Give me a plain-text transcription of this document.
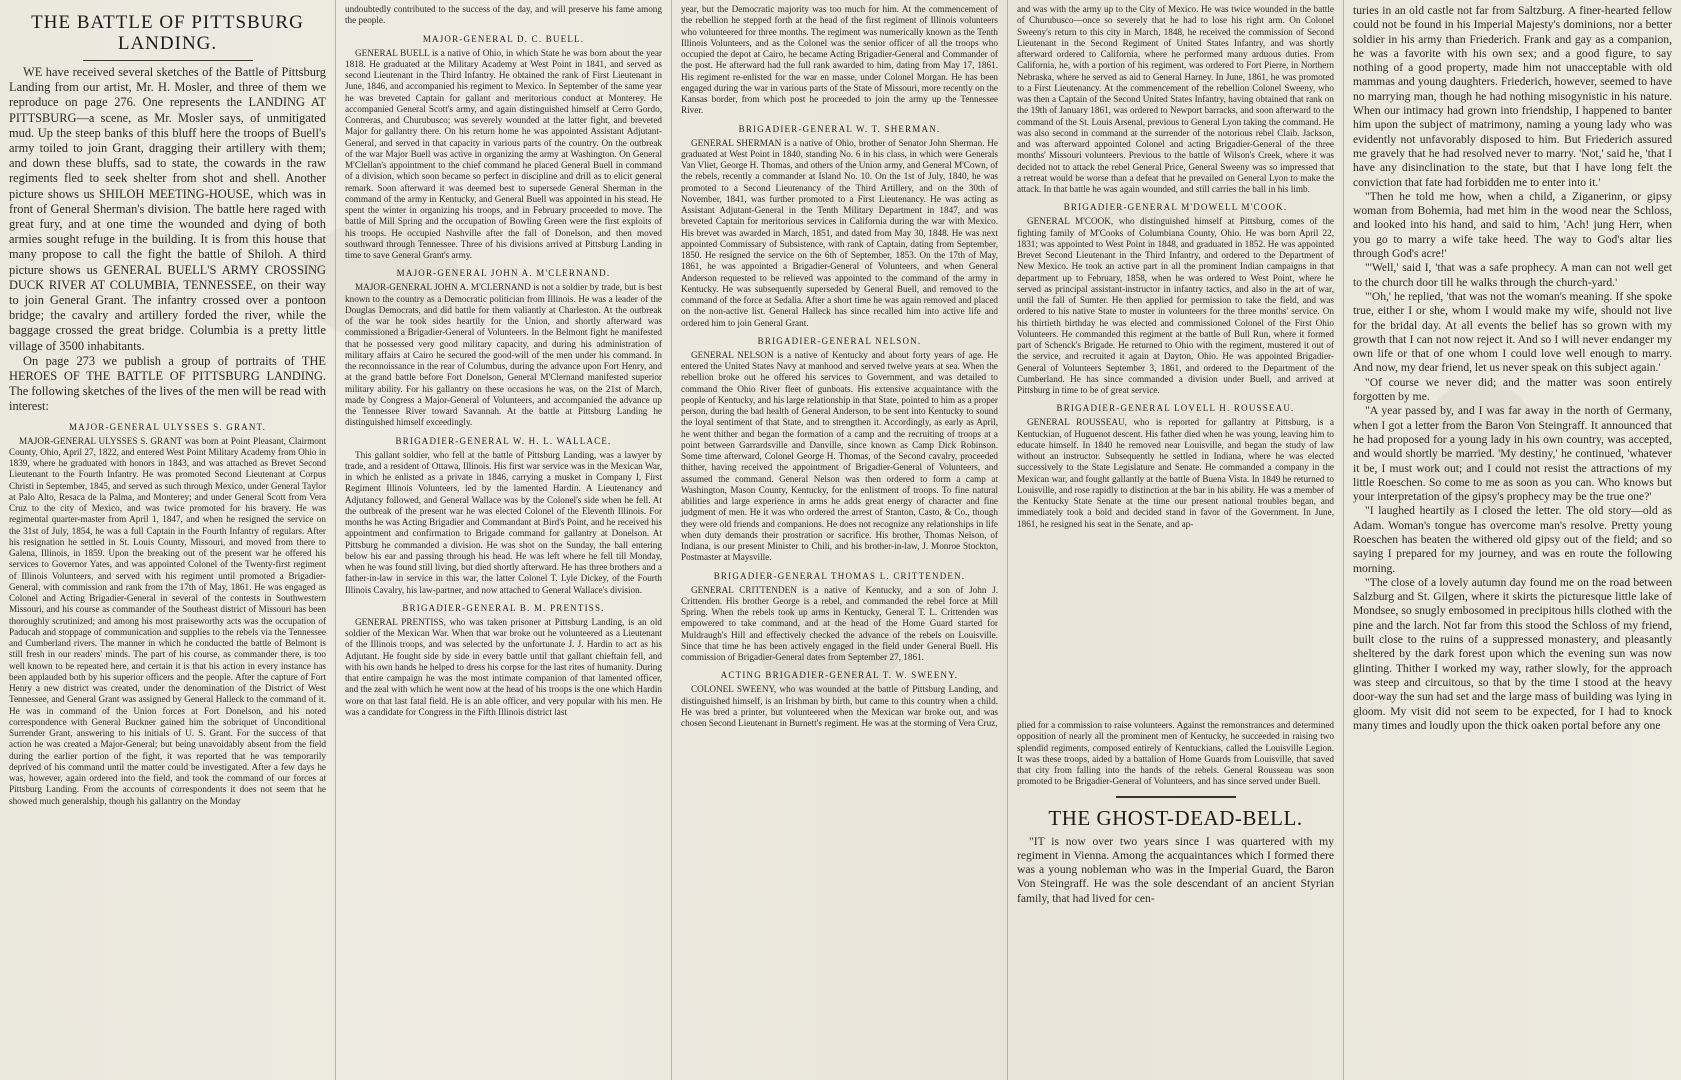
THE BATTLE OF PITTSBURG LANDING.

WE have received several sketches of the Battle of Pittsburg Landing from our artist, Mr. H. Mosler, and three of them we reproduce on page 276. One represents the LANDING AT PITTSBURG—a scene, as Mr. Mosler says, of unmitigated mud. Up the steep banks of this bluff here the troops of Buell's army toiled to join Grant, dragging their artillery with them; and down these bluffs, sad to state, the cowards in the raw regiments fled to seek shelter from shot and shell. Another picture shows us SHILOH MEETING-HOUSE, which was in front of General Sherman's division. The battle here raged with great fury, and at one time the wounded and dying of both armies sought refuge in the building. It is from this house that many propose to call the fight the battle of Shiloh. A third picture shows us GENERAL BUELL'S ARMY CROSSING DUCK RIVER AT COLUMBIA, TENNESSEE, on their way to join General Grant. The infantry crossed over a pontoon bridge; the cavalry and artillery forded the river, while the baggage crossed the great bridge. Columbia is a pretty little village of 3500 inhabitants.

On page 273 we publish a group of portraits of THE HEROES OF THE BATTLE OF PITTSBURG LANDING. The following sketches of the lives of the men will be read with interest:

MAJOR-GENERAL ULYSSES S. GRANT.

MAJOR-GENERAL ULYSSES S. GRANT was born at Point Pleasant, Clairmont County, Ohio, April 27, 1822, and entered West Point Military Academy from Ohio in 1839, where he graduated with honors in 1843, and was attached as Brevet Second Lieutenant to the Fourth Infantry. He was promoted Second Lieutenant at Corpus Christi in September, 1845, and served as such through Mexico, under General Taylor at Palo Alto, Resaca de la Palma, and Monterey; and under General Scott from Vera Cruz to the city of Mexico, and was twice promoted for his bravery. He was regimental quarter-master from April 1, 1847, and when he resigned the service on the 31st of July, 1854, he was a full Captain in the Fourth Infantry of regulars. After his resignation he settled in St. Louis County, Missouri, and moved from there to Galena, Illinois, in 1859. Upon the breaking out of the present war he offered his services to Governor Yates, and was appointed Colonel of the Twenty-first regiment of Illinois Volunteers, and served with his regiment until promoted a Brigadier-General, with commission and rank from the 17th of May, 1861. He was engaged as Colonel and Acting Brigadier-General in several of the contests in Southwestern Missouri, and his course as commander of the Southeast district of Missouri has been thoroughly scrutinized; and among his most praiseworthy acts was the occupation of Paducah and stoppage of communication and supplies to the rebels via the Tennessee and Cumberland rivers. The manner in which he conducted the battle of Belmont is still fresh in our readers' minds. The part of his course, as commander there, is too well known to be repeated here, and certain it is that his action in every instance has been applauded both by his superior officers and the people. After the capture of Fort Henry a new district was created, under the denomination of the District of West Tennessee, and General Grant was assigned by General Halleck to the command of it. He was in command of the Union forces at Fort Donelson, and his noted correspondence with General Buckner gained him the sobriquet of Unconditional Surrender Grant, answering to his initials of U. S. Grant. For the success of that action he was created a Major-General; but being unavoidably absent from the field during the earlier portion of the fight, it was reported that he was temporarily deprived of his command until the matter could be investigated. After a few days he was, however, again ordered into the field, and took the command of our forces at Pittsburg Landing. From the accounts of correspondents it does not seem that he showed much generalship, though his gallantry on the Monday

undoubtedly contributed to the success of the day, and will preserve his fame among the people.

MAJOR-GENERAL D. C. BUELL.

GENERAL BUELL is a native of Ohio, in which State he was born about the year 1818. He graduated at the Military Academy at West Point in 1841, and served as second Lieutenant in the Third Infantry. He obtained the rank of First Lieutenant in June, 1846, and accompanied his regiment to Mexico. In September of the same year he was breveted Captain for gallant and meritorious conduct at Monterey. He accompanied General Scott's army, and again distinguished himself at Cerro Gordo, Contreras, and Churubusco; was severely wounded at the latter fight, and breveted Major for gallantry there. On his return home he was appointed Assistant Adjutant-General, and served in that capacity in various parts of the country. On the outbreak of the war Major Buell was active in organizing the army at Washington. On General M'Clellan's appointment to the chief command he placed General Buell in command of a division, which soon became so perfect in discipline and drill as to elicit general remark. Soon afterward it was deemed best to supersede General Sherman in the command of the army in Kentucky, and General Buell was appointed in his stead. He spent the winter in organizing his troops, and in February proceeded to move. The battle of Mill Spring and the occupation of Bowling Green were the first exploits of his troops. He occupied Nashville after the fall of Donelson, and then moved southward through Tennessee. Three of his divisions arrived at Pittsburg Landing in time to save General Grant's army.

MAJOR-GENERAL JOHN A. M'CLERNAND.

MAJOR-GENERAL JOHN A. M'CLERNAND is not a soldier by trade, but is best known to the country as a Democratic politician from Illinois. He was a leader of the Douglas Democrats, and did battle for them valiantly at Charleston. At the outbreak of the war he took sides heartily for the Union, and shortly afterward was commissioned a Brigadier-General of Volunteers. In the Belmont fight he manifested that he possessed very good military capacity, and during his administration of military affairs at Cairo he secured the good-will of the men under his command. In the reconnoissance in the rear of Columbus, during the advance upon Fort Henry, and at the grand battle before Fort Donelson, General M'Clernand manifested superior military ability. For his gallantry on these occasions he was, on the 21st of March, made by Congress a Major-General of Volunteers, and accompanied the advance up the Tennessee River toward Savannah. At the battle at Pittsburg Landing he distinguished himself exceedingly.

BRIGADIER-GENERAL W. H. L. WALLACE.

This gallant soldier, who fell at the battle of Pittsburg Landing, was a lawyer by trade, and a resident of Ottawa, Illinois. His first war service was in the Mexican War, in which he enlisted as a private in 1846, carrying a musket in Company I, First Regiment Illinois Volunteers, led by the lamented Hardin. A Lieutenancy and Adjutancy followed, and General Wallace was by the Colonel's side when he fell. At the outbreak of the present war he was elected Colonel of the Eleventh Illinois. For months he was Acting Brigadier and Commandant at Bird's Point, and he received his appointment and confirmation to Brigade command for gallantry at Donelson. At Pittsburg he commanded a division. He was shot on the Sunday, the ball entering below his ear and passing through his head. He was left where he fell till Monday, when he was found still living, but died shortly afterward. He has three brothers and a father-in-law in service in this war, the latter Colonel T. Lyle Dickey, of the Fourth Illinois Cavalry, his law-partner, and now attached to General Wallace's division.

BRIGADIER-GENERAL B. M. PRENTISS.

GENERAL PRENTISS, who was taken prisoner at Pittsburg Landing, is an old soldier of the Mexican War. When that war broke out he volunteered as a Lieutenant of the Illinois troops, and was selected by the unfortunate J. J. Hardin to act as his Adjutant. He fought side by side in every battle until that gallant chieftain fell, and with his own hands he helped to dress his corpse for the last rites of humanity. During that entire campaign he was the most intimate companion of that lamented officer, and the zeal with which he went now at the head of his troops is the one which Hardin wore on that last fatal field. He is an able officer, and very popular with his men. He was a candidate for Congress in the Fifth Illinois district last

year, but the Democratic majority was too much for him. At the commencement of the rebellion he stepped forth at the head of the first regiment of Illinois volunteers who volunteered for three months. The regiment was numerically known as the Tenth Illinois Volunteers, and as the Colonel was the senior officer of all the troops who occupied the depot at Cairo, he became Acting Brigadier-General and Commander of the post. He afterward had the full rank awarded to him, dating from May 17, 1861. His regiment re-enlisted for the war en masse, under Colonel Morgan. He has been engaged during the war in various parts of the State of Missouri, more recently on the Kansas border, from which post he proceeded to join the army up the Tennessee River.

BRIGADIER-GENERAL W. T. SHERMAN.

GENERAL SHERMAN is a native of Ohio, brother of Senator John Sherman. He graduated at West Point in 1840, standing No. 6 in his class, in which were Generals Van Vliet, George H. Thomas, and others of the Union army, and General M'Cown, of the rebels, recently a commander at Island No. 10. On the 1st of July, 1840, he was promoted to a Second Lieutenancy of the Third Artillery, and on the 30th of November, 1841, was further promoted to a First Lieutenancy. He was acting as Assistant Adjutant-General in the Tenth Military Department in 1847, and was breveted Captain for meritorious services in California during the war with Mexico. His brevet was awarded in March, 1851, and dated from May 30, 1848. He was next appointed Commissary of Subsistence, with rank of Captain, dating from September, 1850. He resigned the service on the 6th of September, 1853. On the 17th of May, 1861, he was appointed a Brigadier-General of Volunteers, and when General Anderson requested to be relieved was appointed to the command of the army in Kentucky. He was subsequently superseded by General Buell, and removed to the command of the force at Sedalia. After a short time he was again removed and placed on the non-active list. General Halleck has since recalled him into active life and ordered him to join General Grant.

BRIGADIER-GENERAL NELSON.

GENERAL NELSON is a native of Kentucky and about forty years of age. He entered the United States Navy at manhood and served twelve years at sea. When the rebellion broke out he offered his services to Government, and was detailed to command the Ohio River fleet of gunboats. His extensive acquaintance with the people of Kentucky, and his large relationship in that State, pointed to him as a proper person, during the bad health of General Anderson, to be sent into Kentucky to sound the loyal sentiment of that State, and to strengthen it. Accordingly, as early as April, he went thither and began the formation of a camp and the recruiting of troops at a point between Garrardsville and Danville, since known as Camp Dick Robinson. Some time afterward, Colonel George H. Thomas, of the Second cavalry, proceeded thither, having received the appointment of Brigadier-General of Volunteers, and assumed the command. General Nelson was then ordered to form a camp at Washington, Mason County, Kentucky, for the enlistment of troops. To fine natural abilities and large experience in arms he adds great energy of character and fine judgment of men. He it was who ordered the arrest of Stanton, Casto, & Co., though they were old friends and companions. He does not recognize any relationships in life when duty demands their prostration or sacrifice. His brother, Thomas Nelson, of Indiana, is our present Minister to Chili, and his brother-in-law, J. Monroe Stockton, Postmaster at Maysville.

BRIGADIER-GENERAL THOMAS L. CRITTENDEN.

GENERAL CRITTENDEN is a native of Kentucky, and a son of John J. Crittenden. His brother George is a rebel, and commanded the rebel force at Mill Spring. When the rebels took up arms in Kentucky, General T. L. Crittenden was empowered to take command, and at the head of the Home Guard started for Muldraugh's Hill and effectively checked the advance of the rebels on Louisville. Since that time he has been actively engaged in the field under General Buell. His commission of Brigadier-General dates from September 27, 1861.

ACTING BRIGADIER-GENERAL T. W. SWEENY.

COLONEL SWEENY, who was wounded at the battle of Pittsburg Landing, and distinguished himself, is an Irishman by birth, but came to this country when a child. He was bred a printer, but volunteered when the Mexican war broke out, and was chosen Second Lieutenant in Burnett's regiment. He was at the storming of Vera Cruz,

and was with the army up to the City of Mexico. He was twice wounded in the battle of Churubusco—once so severely that he had to lose his right arm. On Colonel Sweeny's return to this city in March, 1848, he received the commission of Second Lieutenant in the Second Regiment of United States Infantry, and was shortly afterward ordered to California, where he performed many arduous duties. From California, he, with a portion of his regiment, was ordered to Fort Pierre, in Northern Nebraska, where he served as aid to General Harney. In June, 1861, he was promoted to a First Lieutenancy. At the commencement of the rebellion Colonel Sweeny, who was then a Captain of the Second United States Infantry, having obtained that rank on the 19th of January 1861, was ordered to Newport barracks, and soon afterward to the command of the St. Louis Arsenal, previous to General Lyon taking the command. He was also second in command at the surrender of the notorious rebel Claib. Jackson, and was afterward appointed Colonel and acting Brigadier-General of the three months' Missouri volunteers. Previous to the battle of Wilson's Creek, where it was decided not to attack the rebel General Price, General Sweeny was so impressed that a retreat would be worse than a defeat that he prevailed on General Lyon to make the attack. In that battle he was again wounded, and still carries the ball in his limb.

BRIGADIER-GENERAL M'DOWELL M'COOK.

GENERAL M'COOK, who distinguished himself at Pittsburg, comes of the fighting family of M'Cooks of Columbiana County, Ohio. He was born April 22, 1831; was appointed to West Point in 1848, and graduated in 1852. He was appointed Brevet Second Lieutenant in the Third Infantry, and ordered to the Department of New Mexico. He took an active part in all the prominent Indian campaigns in that department up to February, 1858, when he was ordered to West Point, where he served as principal assistant-instructor in infantry tactics, and also in the art of war, until the fall of Sumter. He then applied for permission to take the field, and was ordered to his native State to muster in volunteers for the three months' service. On his thirtieth birthday he was elected and commissioned Colonel of the First Ohio Volunteers. He commanded this regiment at the battle of Bull Run, where it formed part of Schenck's Brigade. He returned to Ohio with the regiment, mustered it out of the service, and recruited it again at Dayton, Ohio. He was appointed Brigadier-General of Volunteers September 3, 1861, and ordered to the Department of the Cumberland. He has since commanded a division under Buell, and arrived at Pittsburg in time to be of great service.

BRIGADIER-GENERAL LOVELL H. ROUSSEAU.

GENERAL ROUSSEAU, who is reported for gallantry at Pittsburg, is a Kentuckian, of Huguenot descent. His father died when he was young, leaving him to educate himself. In 1840 he removed near Louisville, and began the study of law without an instructor. Subsequently he settled in Indiana, where he was elected successively to the State Legislature and Senate. He commanded a company in the Mexican war, and fought gallantly at the battle of Buena Vista. In 1849 he returned to Louisville, and rose rapidly to distinction at the bar in his ability. He was a member of the Kentucky State Senate at the time our present national troubles began, and immediately took a bold and decided stand in favor of the Government. In June, 1861, he resigned his seat in the Senate, and ap-

plied for a commission to raise volunteers. Against the remonstrances and determined opposition of nearly all the prominent men of Kentucky, he succeeded in raising two splendid regiments, composed entirely of Kentuckians, called the Louisville Legion. It was these troops, aided by a battalion of Home Guards from Louisville, that saved that city from falling into the hands of the rebels. General Rousseau was soon promoted to be Brigadier-General of Volunteers, and has since served under Buell.

THE GHOST-DEAD-BELL.

"IT is now over two years since I was quartered with my regiment in Vienna. Among the acquaintances which I formed there was a young nobleman who was in the Imperial Guard, the Baron Von Steingraff. He was the sole descendant of an ancient Styrian family, that had lived for cen-

turies in an old castle not far from Saltzburg. A finer-hearted fellow could not be found in his Imperial Majesty's dominions, nor a better soldier in his army than Friederich. Frank and gay as a companion, he was a favorite with his own sex; and a good figure, to say nothing of a good property, made him not unacceptable with old mammas and young daughters. Friederich, however, seemed to have no marrying man, though he had nothing misogynistic in his nature. When our intimacy had grown into friendship, I happened to banter him upon the subject of matrimony, naming a young lady who was evidently not unfavorably disposed to him. But Friederich assured me gravely that he had resolved never to marry. 'Not,' said he, 'that I have any disinclination to the state, but that I have long felt the conviction that fate had forbidden me to enter into it.'

"Then he told me how, when a child, a Ziganerinn, or gipsy woman from Bohemia, had met him in the wood near the Schloss, and looked into his hand, and said to him, 'Ach! jung Herr, when you go to marry a wife take heed. The way to God's altar lies through God's acre!'

"'Well,' said I, 'that was a safe prophecy. A man can not well get to the church door till he walks through the church-yard.'

"'Oh,' he replied, 'that was not the woman's meaning. If she spoke true, either I or she, whom I would make my wife, should not live for the bridal day. At all events the belief has so grown with my growth that I can not now reject it. And so I will never endanger my own life or that of one whom I could love well enough to marry. And now, my dear friend, let us never speak on this subject again.'

"Of course we never did; and the matter was soon entirely forgotten by me.

"A year passed by, and I was far away in the north of Germany, when I got a letter from the Baron Von Steingraff. It announced that he had proposed for a young lady in his own country, was accepted, and would shortly be married. 'My destiny,' he continued, 'whatever it be, I must work out; and I could not resist the attractions of my little Roeschen. So come to me as soon as you can. Who knows but your interpretation of the gipsy's prophecy may be the true one?'

"I laughed heartily as I closed the letter. The old story—old as Adam. Woman's tongue has overcome man's resolve. Pretty young Roeschen has beaten the withered old gipsy out of the field; and so saying I prepared for my journey, and was en route the following morning.

"The close of a lovely autumn day found me on the road between Salzburg and St. Gilgen, where it skirts the picturesque little lake of Mondsee, so snugly embosomed in precipitous hills clothed with the pine and the larch. Not far from this stood the Schloss of my friend, built close to the ruins of a suppressed monastery, and pleasantly sheltered by the dark forest upon which the evening sun was now glinting. Thither I worked my way, rather slowly, for the approach was steep and circuitous, so that by the time I stood at the heavy door-way the sun had set and the large mass of building was lying in gloom. My visit did not seem to be expected, for I had to knock many times and loudly upon the thick oaken portal before any one
